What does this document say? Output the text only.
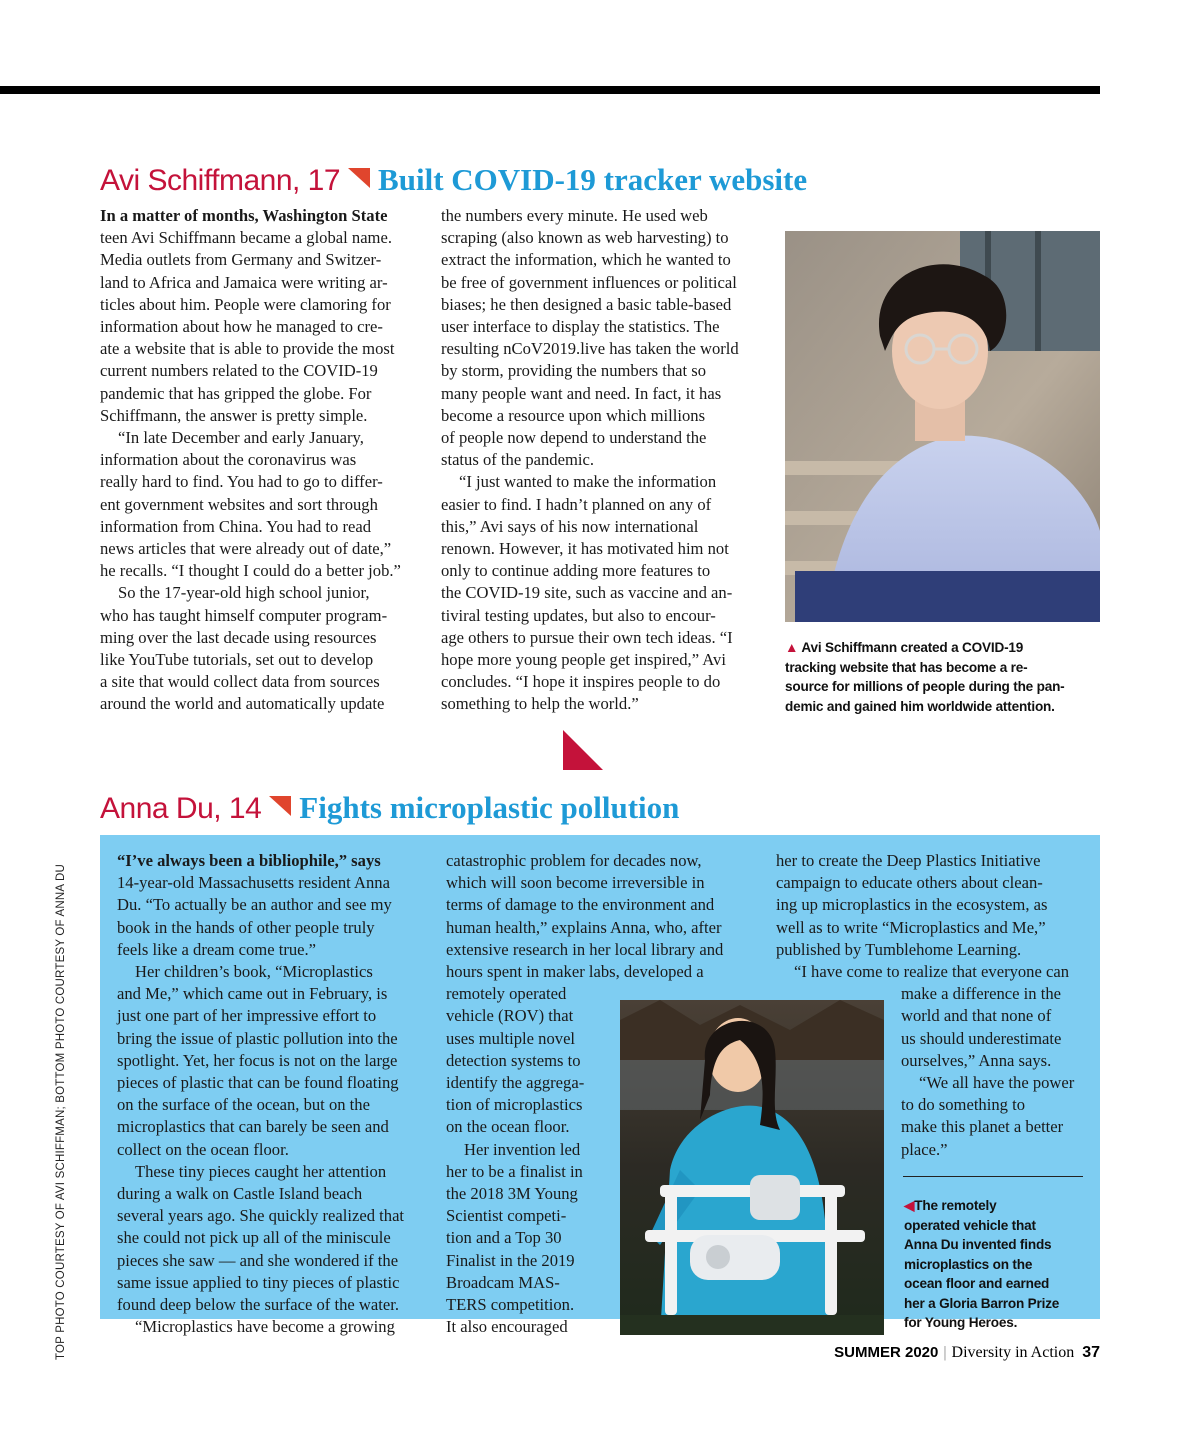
Avi Schiffmann, 17 Built COVID-19 tracker website

In a matter of months, Washington State
teen Avi Schiffmann became a global name.
Media outlets from Germany and Switzer-
land to Africa and Jamaica were writing ar-
ticles about him. People were clamoring for
information about how he managed to cre-
ate a website that is able to provide the most
current numbers related to the COVID-19
pandemic that has gripped the globe. For
Schiffmann, the answer is pretty simple.

“In late December and early January,
information about the coronavirus was
really hard to find. You had to go to differ-
ent government websites and sort through
information from China. You had to read
news articles that were already out of date,”
he recalls. “I thought I could do a better job.”

So the 17-year-old high school junior,
who has taught himself computer program-
ming over the last decade using resources
like YouTube tutorials, set out to develop
a site that would collect data from sources
around the world and automatically update

the numbers every minute. He used web
scraping (also known as web harvesting) to
extract the information, which he wanted to
be free of government influences or political
biases; he then designed a basic table-based
user interface to display the statistics. The
resulting nCoV2019.live has taken the world
by storm, providing the numbers that so
many people want and need. In fact, it has
become a resource upon which millions
of people now depend to understand the
status of the pandemic.

“I just wanted to make the information
easier to find. I hadn’t planned on any of
this,” Avi says of his now international
renown. However, it has motivated him not
only to continue adding more features to
the COVID-19 site, such as vaccine and an-
tiviral testing updates, but also to encour-
age others to pursue their own tech ideas. “I
hope more young people get inspired,” Avi
concludes. “I hope it inspires people to do
something to help the world.”

▲ Avi Schiffmann created a COVID-19
tracking website that has become a re-
source for millions of people during the pan-
demic and gained him worldwide attention.
Anna Du, 14 Fights microplastic pollution

“I’ve always been a bibliophile,” says
14-year-old Massachusetts resident Anna
Du. “To actually be an author and see my
book in the hands of other people truly
feels like a dream come true.”

Her children’s book, “Microplastics
and Me,” which came out in February, is
just one part of her impressive effort to
bring the issue of plastic pollution into the
spotlight. Yet, her focus is not on the large
pieces of plastic that can be found floating
on the surface of the ocean, but on the
microplastics that can barely be seen and
collect on the ocean floor.

These tiny pieces caught her attention
during a walk on Castle Island beach
several years ago. She quickly realized that
she could not pick up all of the miniscule
pieces she saw — and she wondered if the
same issue applied to tiny pieces of plastic
found deep below the surface of the water.

“Microplastics have become a growing

catastrophic problem for decades now,
which will soon become irreversible in
terms of damage to the environment and
human health,” explains Anna, who, after
extensive research in her local library and
hours spent in maker labs, developed a
remotely operated
vehicle (ROV) that
uses multiple novel
detection systems to
identify the aggrega-
tion of microplastics
on the ocean floor.

Her invention led
her to be a finalist in
the 2018 3M Young
Scientist competi-
tion and a Top 30
Finalist in the 2019
Broadcam MAS-
TERS competition.
It also encouraged

her to create the Deep Plastics Initiative
campaign to educate others about clean-
ing up microplastics in the ecosystem, as
well as to write “Microplastics and Me,”
published by Tumblehome Learning.
“I have come to realize that everyone can

make a difference in the
world and that none of
us should underestimate
ourselves,” Anna says.

“We all have the power
to do something to
make this planet a better
place.”

◀The remotely
operated vehicle that
Anna Du invented finds
microplastics on the
ocean floor and earned
her a Gloria Barron Prize
for Young Heroes.
TOP PHOTO COURTESY OF AVI SCHIFFMAN; BOTTOM PHOTO COURTESY OF ANNA DU	SUMMER 2020 | Diversity in Action 37
